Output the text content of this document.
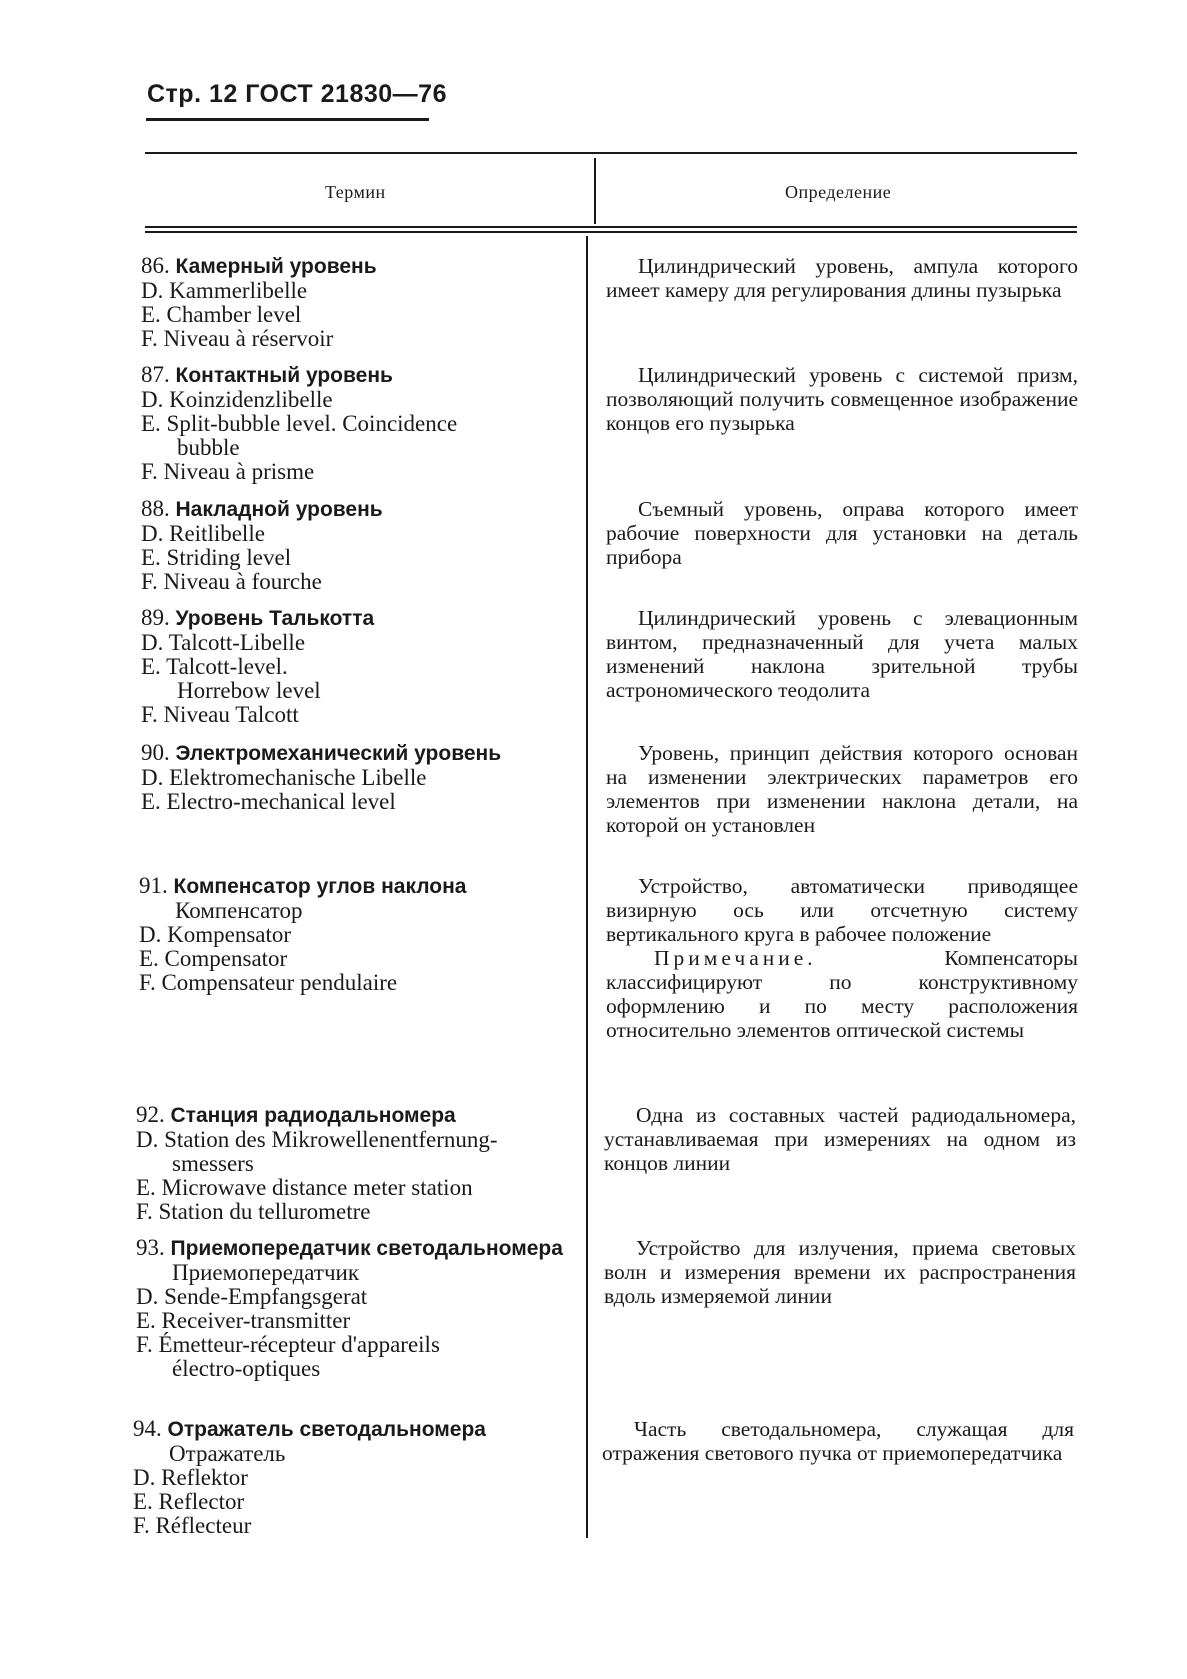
Стр. 12 ГОСТ 21830—76
Термин	Определение
86. Камерный уровень
D. Kammerlibelle
E. Chamber level
F. Niveau à réservoir

Цилиндрический уровень, ампула которого имеет камеру для регулирования длины пузырька

87. Контактный уровень
D. Koinzidenzlibelle
E. Split-bubble level. Coincidence
bubble
F. Niveau à prisme

Цилиндрический уровень с системой призм, позволяющий получить совмещенное изображение концов его пузырька

88. Накладной уровень
D. Reitlibelle
E. Striding level
F. Niveau à fourche

Съемный уровень, оправа которого имеет рабочие поверхности для установки на деталь прибора

89. Уровень Талькотта
D. Talcott-Libelle
E. Talcott-level.
Horrebow level
F. Niveau Talcott

Цилиндрический уровень с элевационным винтом, предназначенный для учета малых изменений наклона зрительной трубы астрономического теодолита

90. Электромеханический уровень
D. Elektromechanische Libelle
E. Electro-mechanical level

Уровень, принцип действия которого основан на изменении электрических параметров его элементов при изменении наклона детали, на которой он установлен

91. Компенсатор углов наклона
Компенсатор
D. Kompensator
E. Compensator
F. Compensateur pendulaire

Устройство, автоматически приводящее визирную ось или отсчетную систему вертикального круга в рабочее положение

Примечание.	Компенсаторы классифицируют по конструктивному оформлению и по месту расположения относительно элементов оптической системы

92. Станция радиодальномера
D. Station des Mikrowellenentfernung-
smessers
E. Microwave distance meter station
F. Station du tellurometre

Одна из составных частей радиодальномера, устанавливаемая при измерениях на одном из концов линии

93. Приемопередатчик светодальномера
Приемопередатчик
D. Sende-Empfangsgerat
E. Receiver-transmitter
F. Émetteur-récepteur d'appareils
électro-optiques

Устройство для излучения, приема световых волн и измерения времени их распространения вдоль измеряемой линии

94. Отражатель светодальномера
Отражатель
D. Reflektor
E. Reflector
F. Réflecteur

Часть светодальномера, служащая для отражения светового пучка от приемопередатчика
